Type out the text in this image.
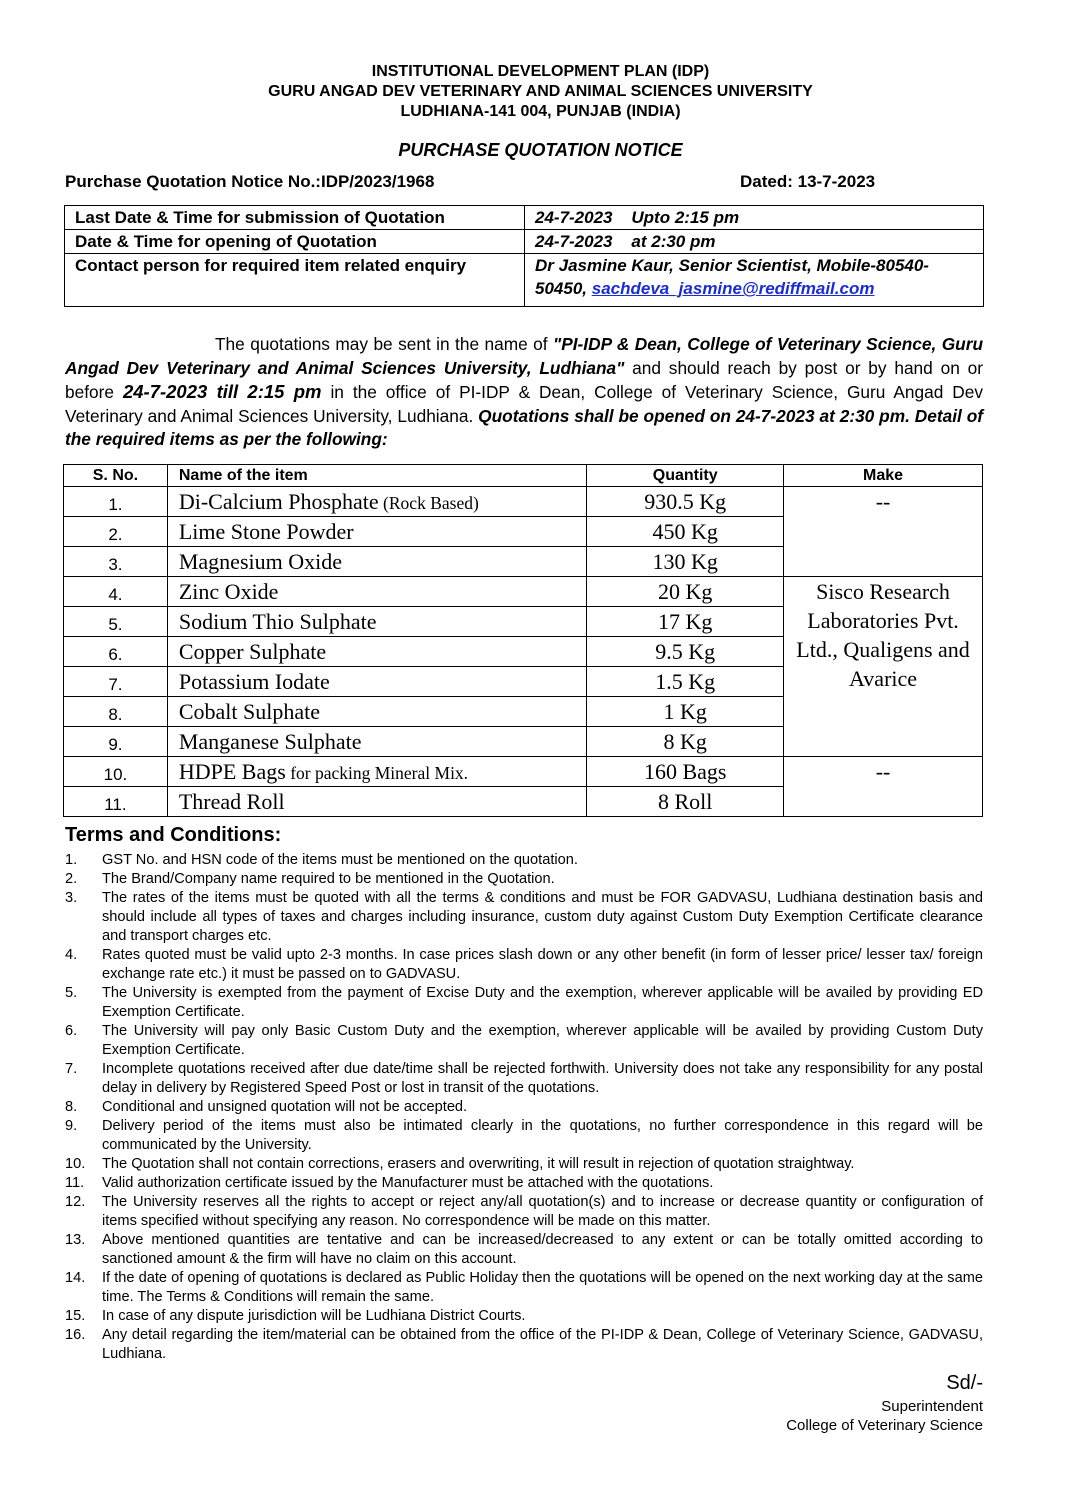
INSTITUTIONAL DEVELOPMENT PLAN (IDP)
GURU ANGAD DEV VETERINARY AND ANIMAL SCIENCES UNIVERSITY
LUDHIANA-141 004, PUNJAB (INDIA)
PURCHASE QUOTATION NOTICE
Purchase Quotation Notice No.:IDP/2023/1968	Dated: 13-7-2023
Last Date & Time for submission of Quotation	24-7-2023    Upto 2:15 pm
Date & Time for opening of Quotation	24-7-2023    at 2:30 pm
Contact person for required item related enquiry	Dr Jasmine Kaur, Senior Scientist, Mobile-80540-50450, sachdeva_jasmine@rediffmail.com
The quotations may be sent in the name of "PI-IDP & Dean, College of Veterinary Science, Guru Angad Dev Veterinary and Animal Sciences University, Ludhiana" and should reach by post or by hand on or before 24-7-2023 till 2:15 pm in the office of PI-IDP & Dean, College of Veterinary Science, Guru Angad Dev Veterinary and Animal Sciences University, Ludhiana. Quotations shall be opened on 24-7-2023 at 2:30 pm. Detail of the required items as per the following:
S. No.	Name of the item	Quantity	Make
1.	Di-Calcium Phosphate (Rock Based)	930.5 Kg	--
2.	Lime Stone Powder	450 Kg	
3.	Magnesium Oxide	130 Kg	
4.	Zinc Oxide	20 Kg	Sisco Research Laboratories Pvt. Ltd., Qualigens and Avarice
5.	Sodium Thio Sulphate	17 Kg	
6.	Copper Sulphate	9.5 Kg	
7.	Potassium Iodate	1.5 Kg	
8.	Cobalt Sulphate	1 Kg	
9.	Manganese Sulphate	8 Kg	
10.	HDPE Bags for packing Mineral Mix.	160 Bags	--
11.	Thread Roll	8 Roll	
Terms and Conditions:
1. GST No. and HSN code of the items must be mentioned on the quotation.
2. The Brand/Company name required to be mentioned in the Quotation.
3. The rates of the items must be quoted with all the terms & conditions and must be FOR GADVASU, Ludhiana destination basis and should include all types of taxes and charges including insurance, custom duty against Custom Duty Exemption Certificate clearance and transport charges etc.
4. Rates quoted must be valid upto 2-3 months. In case prices slash down or any other benefit (in form of lesser price/ lesser tax/ foreign exchange rate etc.) it must be passed on to GADVASU.
5. The University is exempted from the payment of Excise Duty and the exemption, wherever applicable will be availed by providing ED Exemption Certificate.
6. The University will pay only Basic Custom Duty and the exemption, wherever applicable will be availed by providing Custom Duty Exemption Certificate.
7. Incomplete quotations received after due date/time shall be rejected forthwith. University does not take any responsibility for any postal delay in delivery by Registered Speed Post or lost in transit of the quotations.
8. Conditional and unsigned quotation will not be accepted.
9. Delivery period of the items must also be intimated clearly in the quotations, no further correspondence in this regard will be communicated by the University.
10. The Quotation shall not contain corrections, erasers and overwriting, it will result in rejection of quotation straightway.
11. Valid authorization certificate issued by the Manufacturer must be attached with the quotations.
12. The University reserves all the rights to accept or reject any/all quotation(s) and to increase or decrease quantity or configuration of items specified without specifying any reason. No correspondence will be made on this matter.
13. Above mentioned quantities are tentative and can be increased/decreased to any extent or can be totally omitted according to sanctioned amount & the firm will have no claim on this account.
14. If the date of opening of quotations is declared as Public Holiday then the quotations will be opened on the next working day at the same time. The Terms & Conditions will remain the same.
15. In case of any dispute jurisdiction will be Ludhiana District Courts.
16. Any detail regarding the item/material can be obtained from the office of the PI-IDP & Dean, College of Veterinary Science, GADVASU, Ludhiana.
Sd/-
Superintendent
College of Veterinary Science
